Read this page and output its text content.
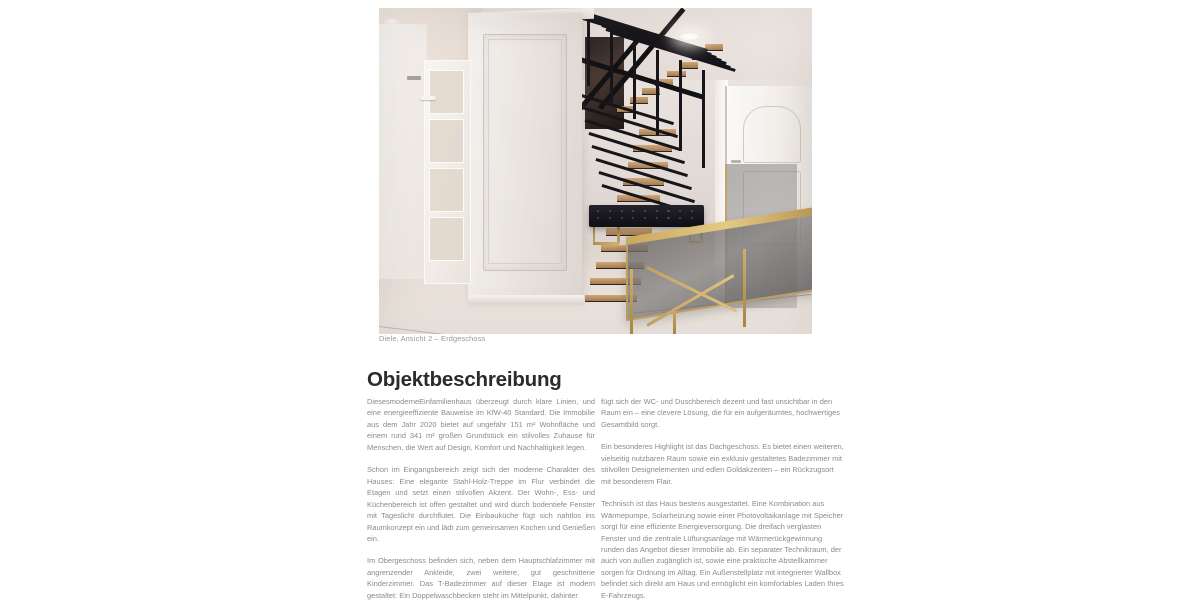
Diele, Ansicht 2 – Erdgeschoss
Objektbeschreibung

DiesesmoderneEinfamilienhaus überzeugt durch klare Linien, und eine energieeffiziente Bauweise im KfW-40 Standard. Die Immobilie aus dem Jahr 2020 bietet auf ungefähr 151 m² Wohnfläche und einem rund 341 m² großen Grundstück ein stilvolles Zuhause für Menschen, die Wert auf Design, Komfort und Nachhaltigkeit legen.

Schon im Eingangsbereich zeigt sich der moderne Charakter des Hauses: Eine elegante Stahl-Holz-Treppe im Flur verbindet die Etagen und setzt einen stilvollen Akzent. Der Wohn-, Ess- und Küchenbereich ist offen gestaltet und wird durch bodentiefe Fenster mit Tageslicht durchflutet. Die Einbauküche fügt sich nahtlos ins Raumkonzept ein und lädt zum gemeinsamen Kochen und Genießen ein.

Im Obergeschoss befinden sich, neben dem Hauptschlafzimmer mit angrenzender Ankleide, zwei weitere, gut geschnittene Kinderzimmer. Das T-Badezimmer auf dieser Etage ist modern gestaltet: Ein Doppelwaschbecken steht im Mittelpunkt, dahinter

fügt sich der WC- und Duschbereich dezent und fast unsichtbar in den Raum ein – eine clevere Lösung, die für ein aufgeräumtes, hochwertiges Gesamtbild sorgt.

Ein besonderes Highlight ist das Dachgeschoss. Es bietet einen weiteren, vielseitig nutzbaren Raum sowie ein exklusiv gestaltetes Badezimmer mit stilvollen Designelementen und edlen Goldakzenten – ein Rückzugsort mit besonderem Flair.

Technisch ist das Haus bestens ausgestattet. Eine Kombination aus Wärmepumpe, Solarheizung sowie einer Photovoltaikanlage mit Speicher sorgt für eine effiziente Energieversorgung. Die dreifach verglasten Fenster und die zentrale Lüftungsanlage mit Wärmerückgewinnung runden das Angebot dieser Immobilie ab. Ein separater Technikraum, der auch von außen zugänglich ist, sowie eine praktische Abstellkammer sorgen für Ordnung im Alltag. Ein Außenstellplatz mit integrierter Wallbox befindet sich direkt am Haus und ermöglicht ein komfortables Laden Ihres E-Fahrzeugs.
